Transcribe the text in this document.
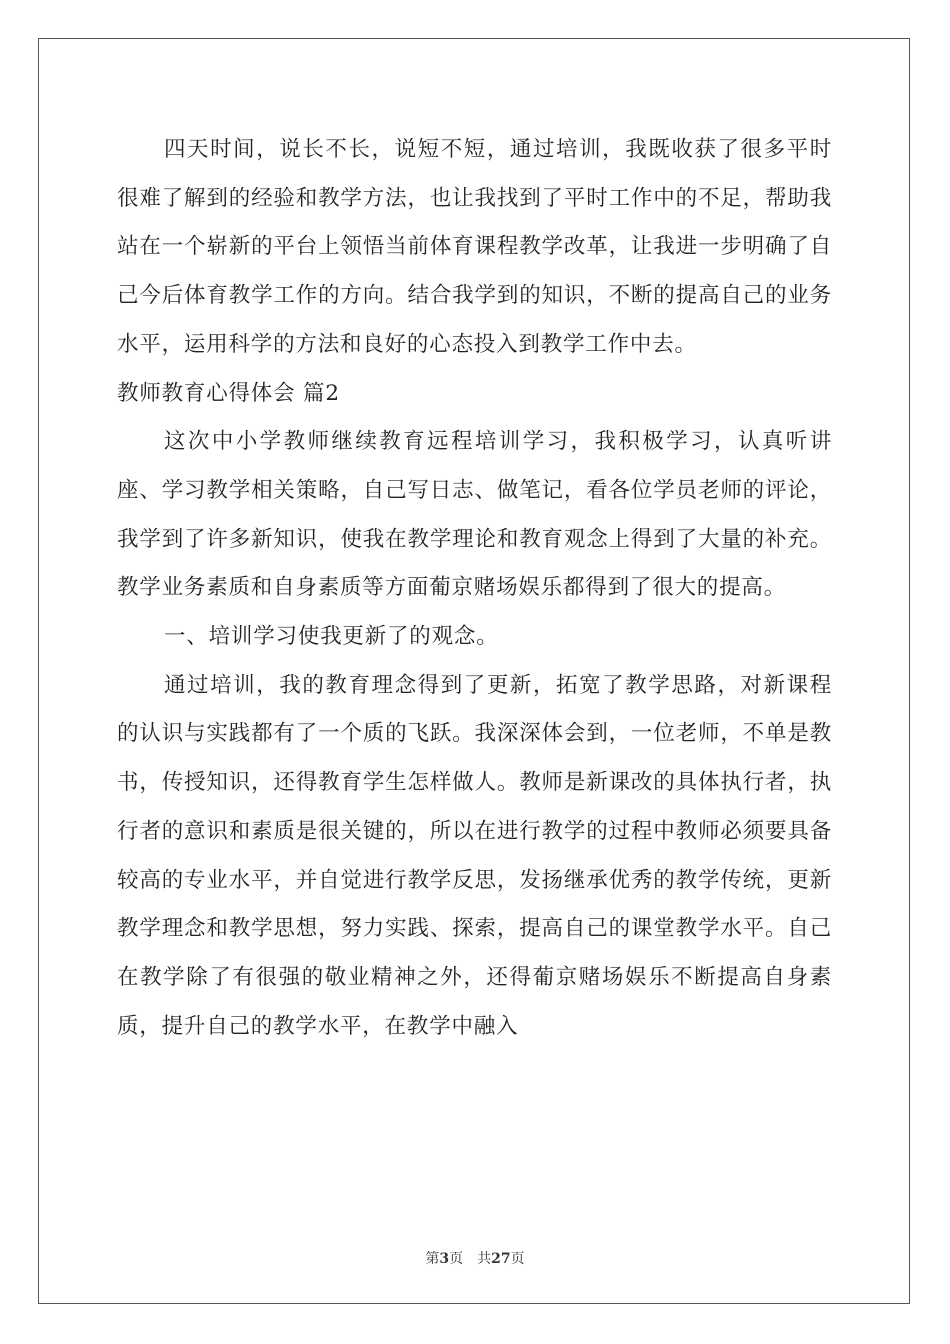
四天时间，说长不长，说短不短，通过培训，我既收获了很多平时很难了解到的经验和教学方法，也让我找到了平时工作中的不足，帮助我站在一个崭新的平台上领悟当前体育课程教学改革，让我进一步明确了自己今后体育教学工作的方向。结合我学到的知识，不断的提高自己的业务水平，运用科学的方法和良好的心态投入到教学工作中去。

教师教育心得体会 篇2

这次中小学教师继续教育远程培训学习，我积极学习，认真听讲座、学习教学相关策略，自己写日志、做笔记，看各位学员老师的评论，我学到了许多新知识，使我在教学理论和教育观念上得到了大量的补充。教学业务素质和自身素质等方面葡京赌场娱乐都得到了很大的提高。

一、培训学习使我更新了的观念。

通过培训，我的教育理念得到了更新，拓宽了教学思路，对新课程的认识与实践都有了一个质的飞跃。我深深体会到，一位老师，不单是教书，传授知识，还得教育学生怎样做人。教师是新课改的具体执行者，执行者的意识和素质是很关键的，所以在进行教学的过程中教师必须要具备较高的专业水平，并自觉进行教学反思，发扬继承优秀的教学传统，更新教学理念和教学思想，努力实践、探索，提高自己的课堂教学水平。自己在教学除了有很强的敬业精神之外，还得葡京赌场娱乐不断提高自身素质，提升自己的教学水平，在教学中融入

第3页 共27页
